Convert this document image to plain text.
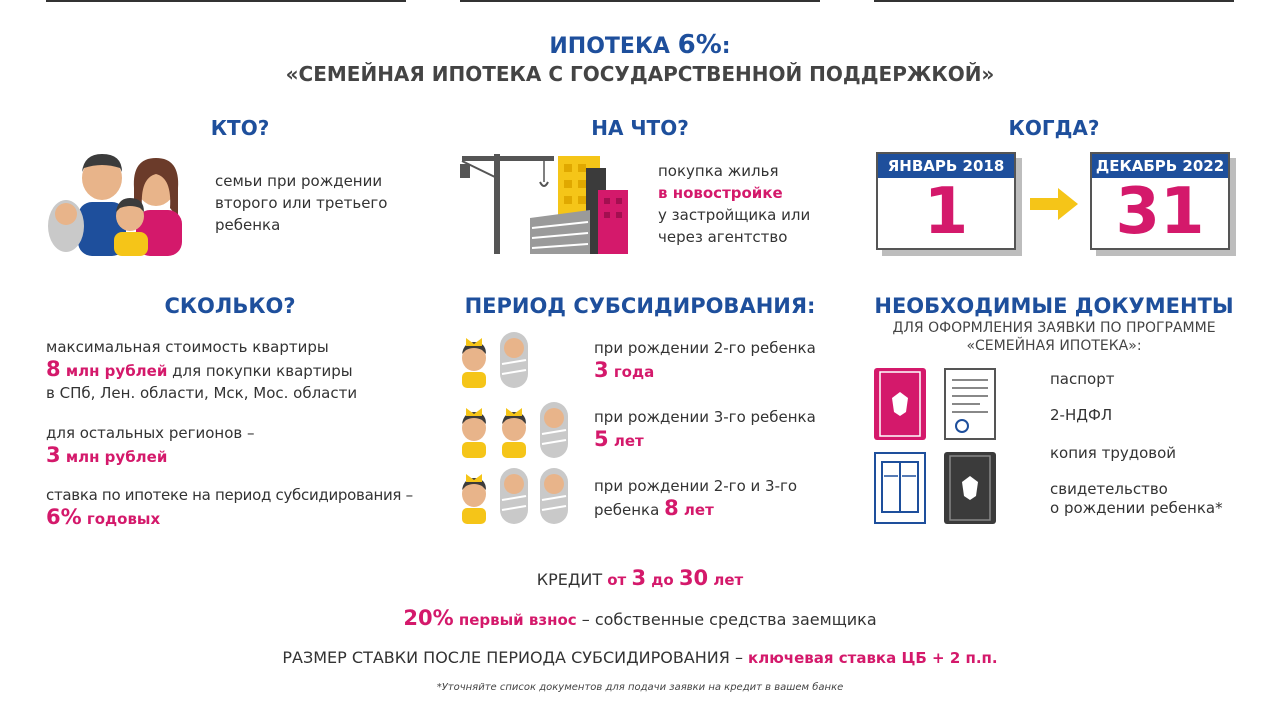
ИПОТЕКА 6%:
«СЕМЕЙНАЯ ИПОТЕКА С ГОСУДАРСТВЕННОЙ ПОДДЕРЖКОЙ»
КТО?
семьи при рождении
второго или третьего
ребенка
НА ЧТО?
покупка жилья
в новостройке
у застройщика или
через агентство
КОГДА?
ЯНВАРЬ 2018
1
ДЕКАБРЬ 2022
31
СКОЛЬКО?
максимальная стоимость квартиры
8 млн рублей для покупки квартиры
в СПб, Лен. области, Мск, Мос. области
для остальных регионов –
3 млн рублей
ставка по ипотеке на период субсидирования –
6% годовых
ПЕРИОД СУБСИДИРОВАНИЯ:
при рождении 2-го ребенка
3 года
при рождении 3-го ребенка
5 лет
при рождении 2-го и 3-го
ребенка 8 лет
НЕОБХОДИМЫЕ ДОКУМЕНТЫ
ДЛЯ ОФОРМЛЕНИЯ ЗАЯВКИ ПО ПРОГРАММЕ
«СЕМЕЙНАЯ ИПОТЕКА»:
паспорт
2-НДФЛ
копия трудовой
свидетельство
о рождении ребенка*
КРЕДИТ от 3 до 30 лет
20% первый взнос – собственные средства заемщика
РАЗМЕР СТАВКИ ПОСЛЕ ПЕРИОДА СУБСИДИРОВАНИЯ – ключевая ставка ЦБ + 2 п.п.
*Уточняйте список документов для подачи заявки на кредит в вашем банке
